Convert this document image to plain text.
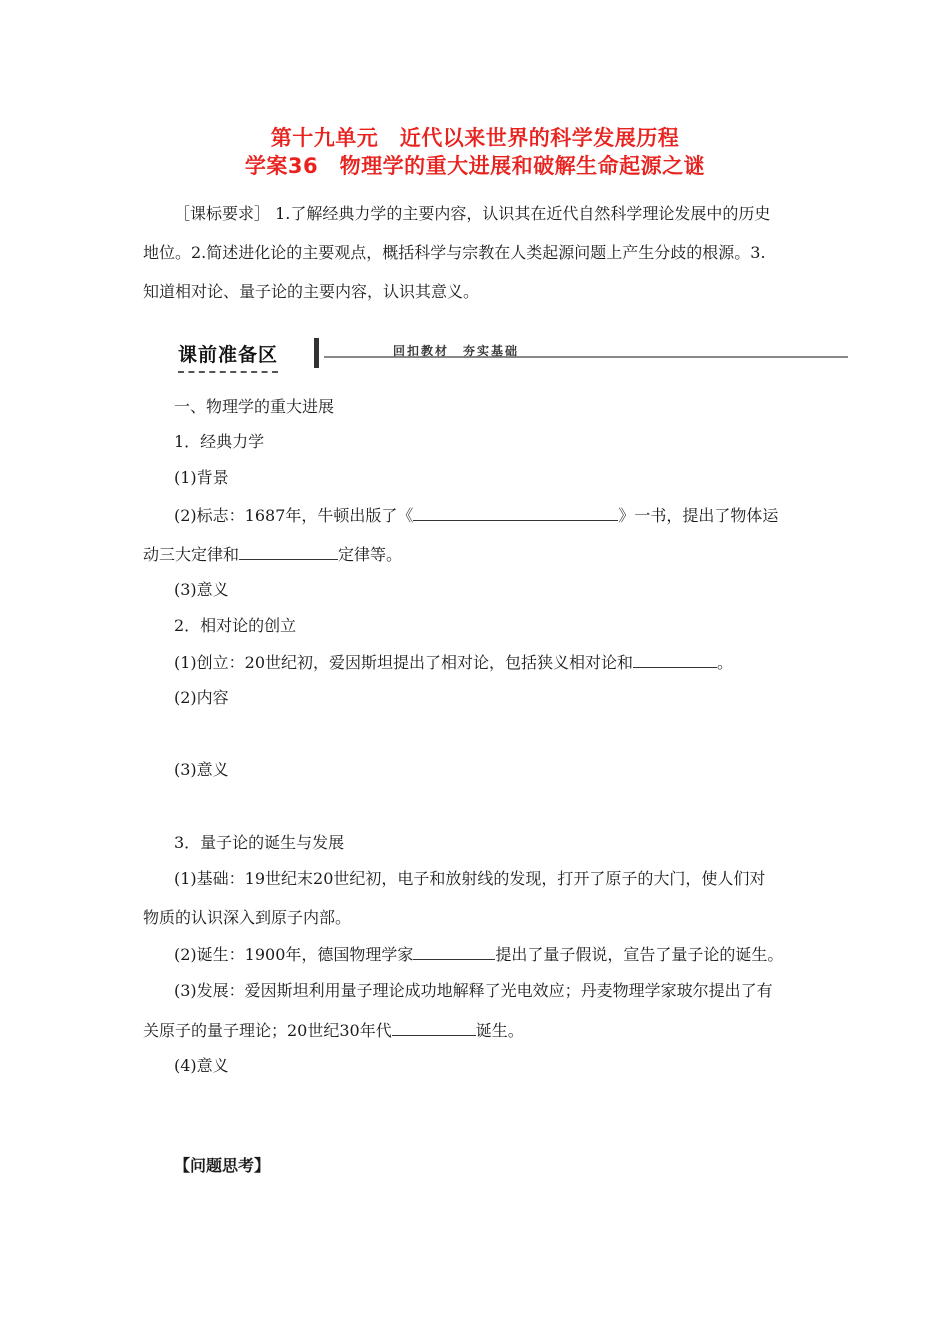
第十九单元　近代以来世界的科学发展历程
学案36　物理学的重大进展和破解生命起源之谜
［课标要求］ 1.了解经典力学的主要内容，认识其在近代自然科学理论发展中的历史
地位。2.简述进化论的主要观点，概括科学与宗教在人类起源问题上产生分歧的根源。3.
知道相对论、量子论的主要内容，认识其意义。
课前准备区	回扣教材　夯实基础
一、物理学的重大进展
1．经典力学
(1)背景
(2)标志：1687年，牛顿出版了《	》一书，提出了物体运
动三大定律和	定律等。
(3)意义
2．相对论的创立
(1)创立：20世纪初，爱因斯坦提出了相对论，包括狭义相对论和	。
(2)内容
(3)意义
3．量子论的诞生与发展
(1)基础：19世纪末20世纪初，电子和放射线的发现，打开了原子的大门，使人们对
物质的认识深入到原子内部。
(2)诞生：1900年，德国物理学家	提出了量子假说，宣告了量子论的诞生。
(3)发展：爱因斯坦利用量子理论成功地解释了光电效应；丹麦物理学家玻尔提出了有
关原子的量子理论；20世纪30年代	诞生。
(4)意义
【问题思考】
